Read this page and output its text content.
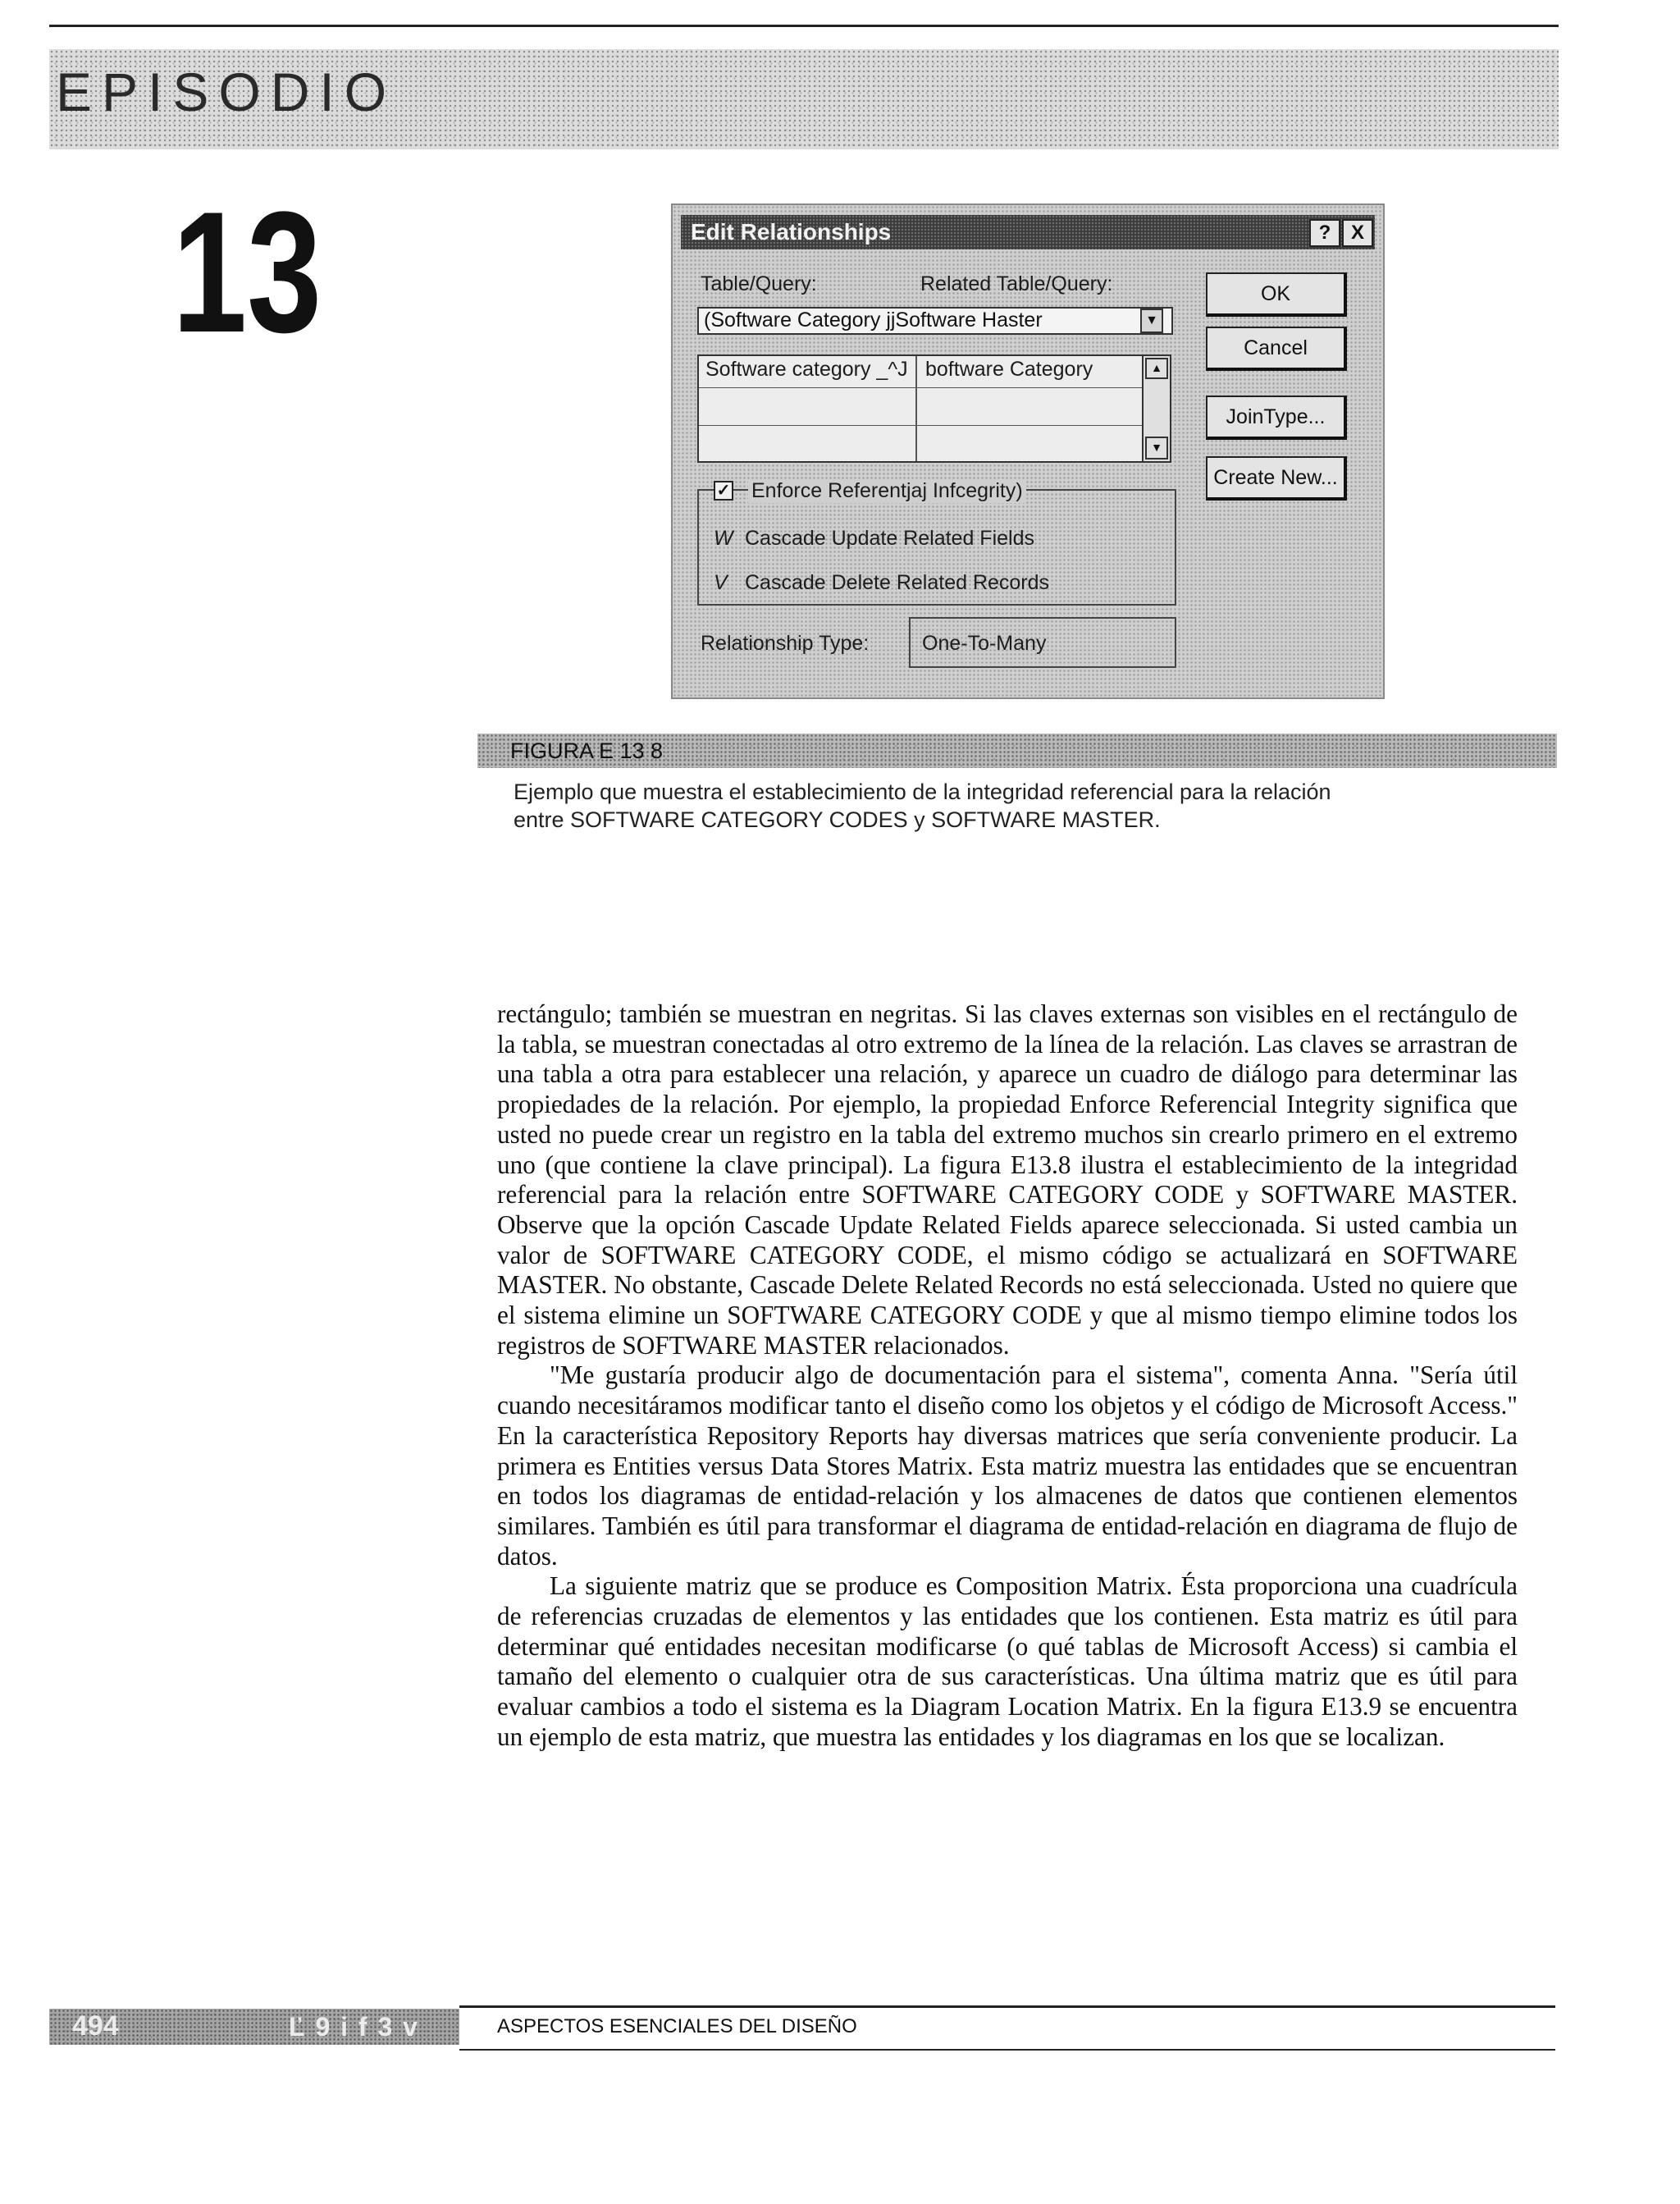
EPISODIO
13	Edit Relationships	?	X
Table/Query:	Related Table/Query:
(Software Category jjSoftware Haster	▼
Software category _^J boftware Category	▲
▼
OK
Cancel
JoinType...
Create New...
✓ Enforce Referentjaj Infcegrity)
W Cascade Update Related Fields
V Cascade Delete Related Records
Relationship Type:	One-To-Many
FIGURA E 13 8
Ejemplo que muestra el establecimiento de la integridad referencial para la relación
entre SOFTWARE CATEGORY CODES y SOFTWARE MASTER.

rectángulo; también se muestran en negritas. Si las claves externas son visibles en el rectángulo de la tabla, se muestran conectadas al otro extremo de la línea de la relación. Las claves se arrastran de una tabla a otra para establecer una relación, y aparece un cuadro de diálogo para determinar las propiedades de la relación. Por ejemplo, la propiedad Enforce Referencial Integrity significa que usted no puede crear un registro en la tabla del extremo muchos sin crearlo primero en el extremo uno (que contiene la clave principal). La figura E13.8 ilustra el establecimiento de la integridad referencial para la relación entre SOFTWARE CATEGORY CODE y SOFTWARE MASTER. Observe que la opción Cascade Update Related Fields aparece seleccionada. Si usted cambia un valor de SOFTWARE CATEGORY CODE, el mismo código se actualizará en SOFTWARE MASTER. No obstante, Cascade Delete Related Records no está seleccionada. Usted no quiere que el sistema elimine un SOFTWARE CATEGORY CODE y que al mismo tiempo elimine todos los registros de SOFTWARE MASTER relacionados.

"Me gustaría producir algo de documentación para el sistema", comenta Anna. "Sería útil cuando necesitáramos modificar tanto el diseño como los objetos y el código de Microsoft Access." En la característica Repository Reports hay diversas matrices que sería conveniente producir. La primera es Entities versus Data Stores Matrix. Esta matriz muestra las entidades que se encuentran en todos los diagramas de entidad-relación y los almacenes de datos que contienen elementos similares. También es útil para transformar el diagrama de entidad-relación en diagrama de flujo de datos.

La siguiente matriz que se produce es Composition Matrix. Ésta proporciona una cuadrícula de referencias cruzadas de elementos y las entidades que los contienen. Esta matriz es útil para determinar qué entidades necesitan modificarse (o qué tablas de Microsoft Access) si cambia el tamaño del elemento o cualquier otra de sus características. Una última matriz que es útil para evaluar cambios a todo el sistema es la Diagram Location Matrix. En la figura E13.9 se encuentra un ejemplo de esta matriz, que muestra las entidades y los diagramas en los que se localizan.

494	Ľ 9 i f 3 v	ASPECTOS ESENCIALES DEL DISEÑO
